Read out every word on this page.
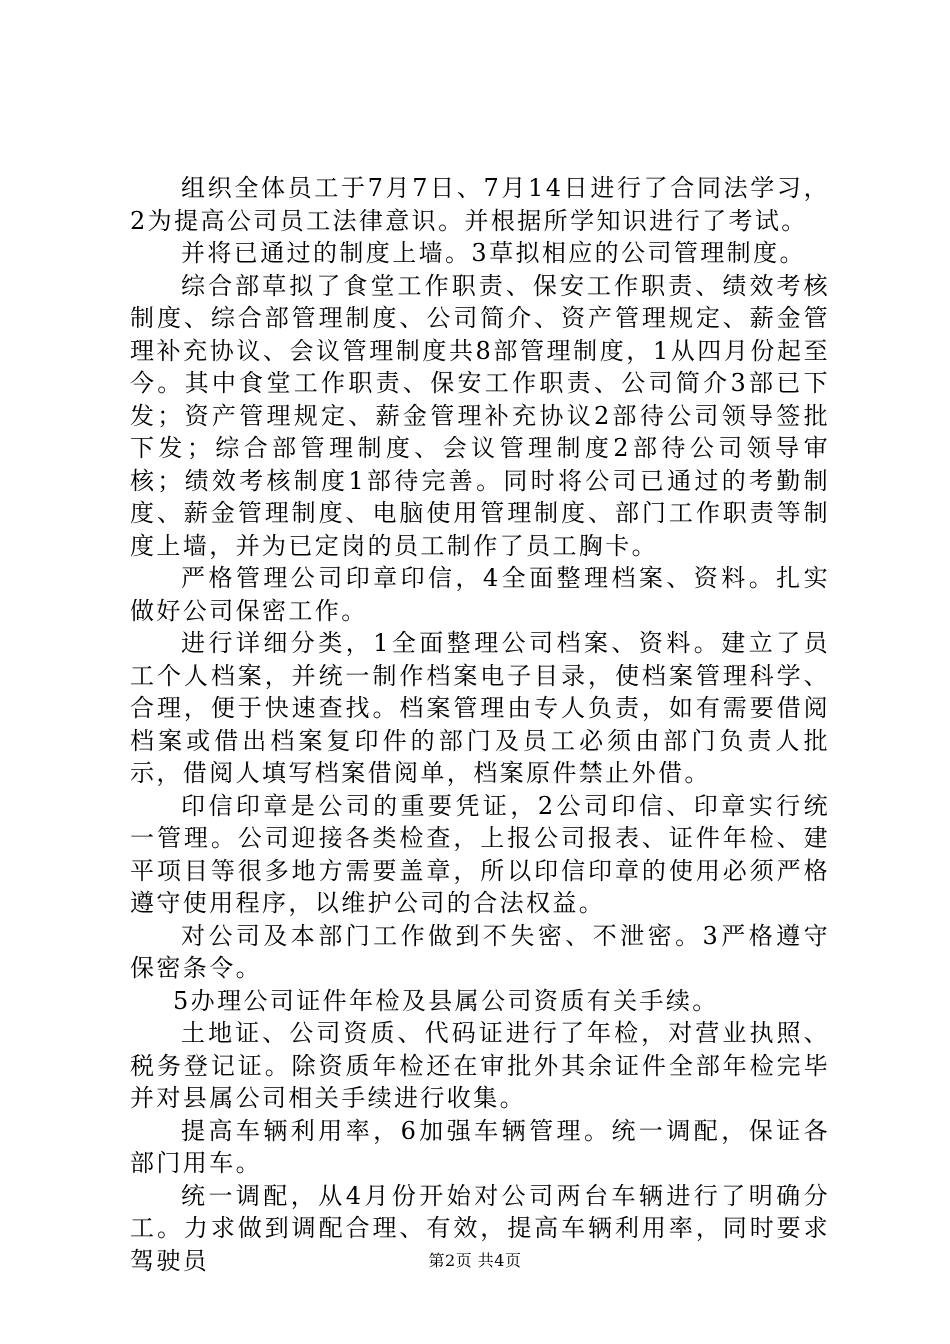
组织全体员工于7月7日、7月14日进行了合同法学习，2为提高公司员工法律意识。并根据所学知识进行了考试。

并将已通过的制度上墙。3草拟相应的公司管理制度。

综合部草拟了食堂工作职责、保安工作职责、绩效考核制度、综合部管理制度、公司简介、资产管理规定、薪金管理补充协议、会议管理制度共8部管理制度，1从四月份起至今。其中食堂工作职责、保安工作职责、公司简介3部已下发；资产管理规定、薪金管理补充协议2部待公司领导签批下发；综合部管理制度、会议管理制度2部待公司领导审核；绩效考核制度1部待完善。同时将公司已通过的考勤制度、薪金管理制度、电脑使用管理制度、部门工作职责等制度上墙，并为已定岗的员工制作了员工胸卡。

严格管理公司印章印信，4全面整理档案、资料。扎实做好公司保密工作。

进行详细分类，1全面整理公司档案、资料。建立了员工个人档案，并统一制作档案电子目录，使档案管理科学、合理，便于快速查找。档案管理由专人负责，如有需要借阅档案或借出档案复印件的部门及员工必须由部门负责人批示，借阅人填写档案借阅单，档案原件禁止外借。

印信印章是公司的重要凭证，2公司印信、印章实行统一管理。公司迎接各类检查，上报公司报表、证件年检、建平项目等很多地方需要盖章，所以印信印章的使用必须严格遵守使用程序，以维护公司的合法权益。

对公司及本部门工作做到不失密、不泄密。3严格遵守保密条令。

5办理公司证件年检及县属公司资质有关手续。

土地证、公司资质、代码证进行了年检，对营业执照、税务登记证。除资质年检还在审批外其余证件全部年检完毕并对县属公司相关手续进行收集。

提高车辆利用率，6加强车辆管理。统一调配，保证各部门用车。

统一调配，从4月份开始对公司两台车辆进行了明确分工。力求做到调配合理、有效，提高车辆利用率，同时要求驾驶员	第2页 共4页
